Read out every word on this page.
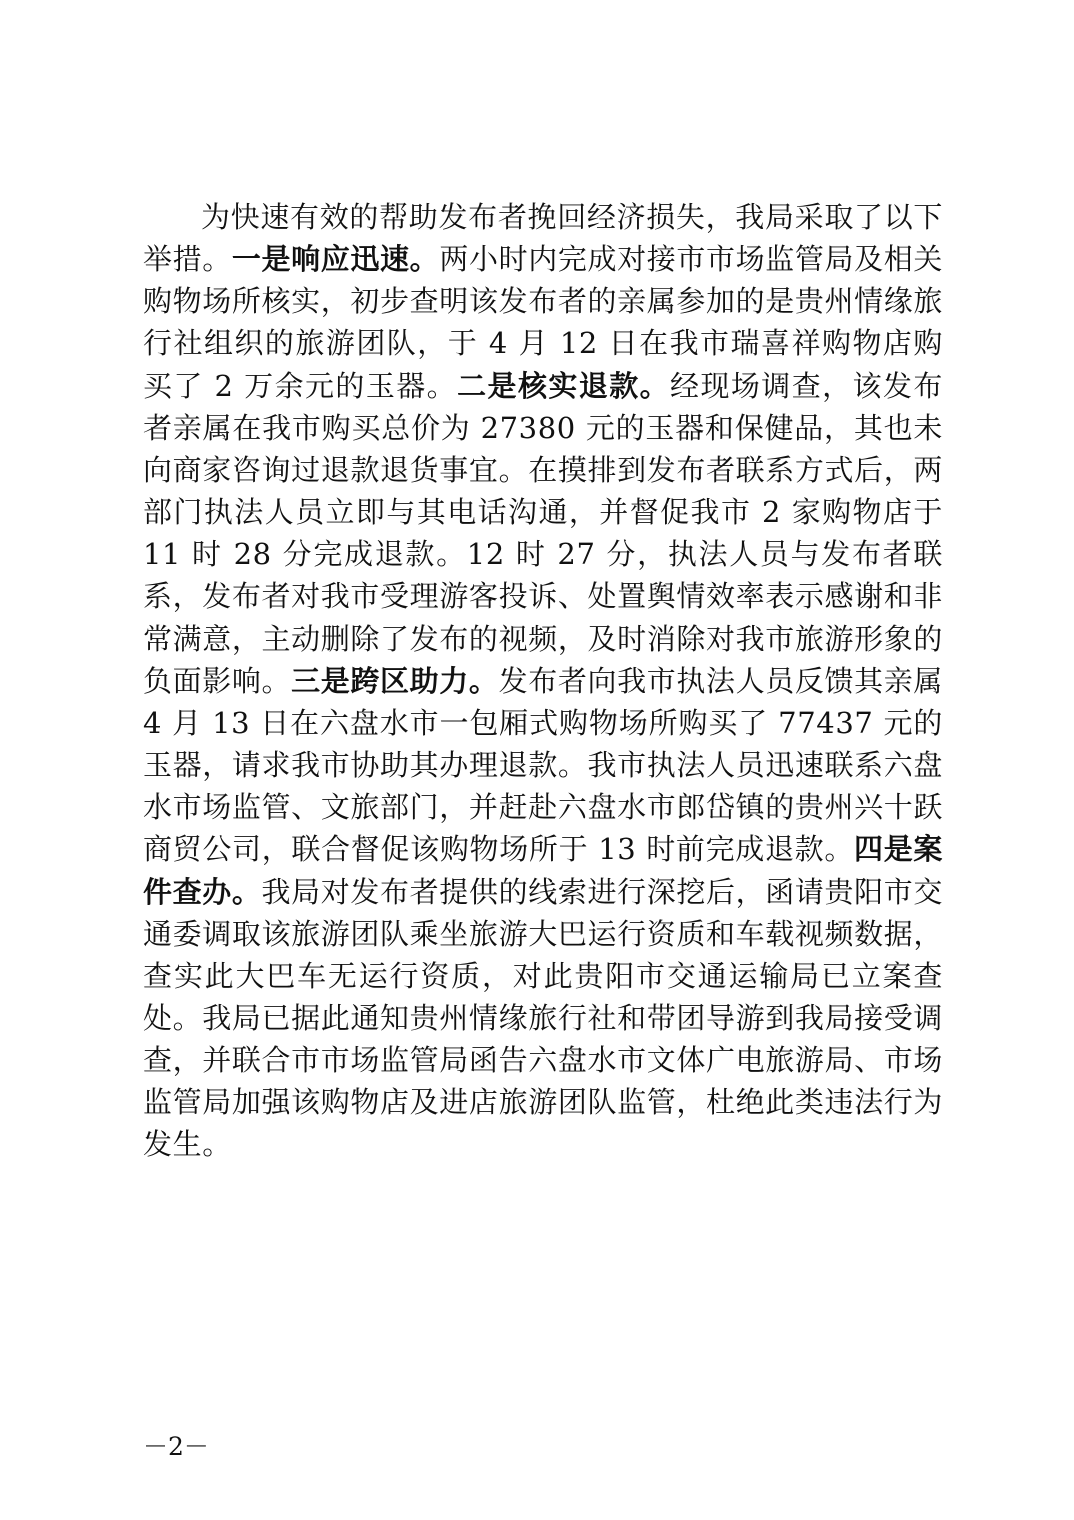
为快速有效的帮助发布者挽回经济损失，我局采取了以下举措。一是响应迅速。两小时内完成对接市市场监管局及相关购物场所核实，初步查明该发布者的亲属参加的是贵州情缘旅行社组织的旅游团队，于 4 月 12 日在我市瑞喜祥购物店购买了 2 万余元的玉器。二是核实退款。经现场调查，该发布者亲属在我市购买总价为 27380 元的玉器和保健品，其也未向商家咨询过退款退货事宜。在摸排到发布者联系方式后，两部门执法人员立即与其电话沟通，并督促我市 2 家购物店于 11 时 28 分完成退款。12 时 27 分，执法人员与发布者联系，发布者对我市受理游客投诉、处置舆情效率表示感谢和非常满意，主动删除了发布的视频，及时消除对我市旅游形象的负面影响。三是跨区助力。发布者向我市执法人员反馈其亲属 4 月 13 日在六盘水市一包厢式购物场所购买了 77437 元的玉器，请求我市协助其办理退款。我市执法人员迅速联系六盘水市场监管、文旅部门，并赶赴六盘水市郎岱镇的贵州兴十跃商贸公司，联合督促该购物场所于 13 时前完成退款。四是案件查办。我局对发布者提供的线索进行深挖后，函请贵阳市交通委调取该旅游团队乘坐旅游大巴运行资质和车载视频数据，查实此大巴车无运行资质，对此贵阳市交通运输局已立案查处。我局已据此通知贵州情缘旅行社和带团导游到我局接受调查，并联合市市场监管局函告六盘水市文体广电旅游局、市场监管局加强该购物店及进店旅游团队监管，杜绝此类违法行为发生。

－2－
